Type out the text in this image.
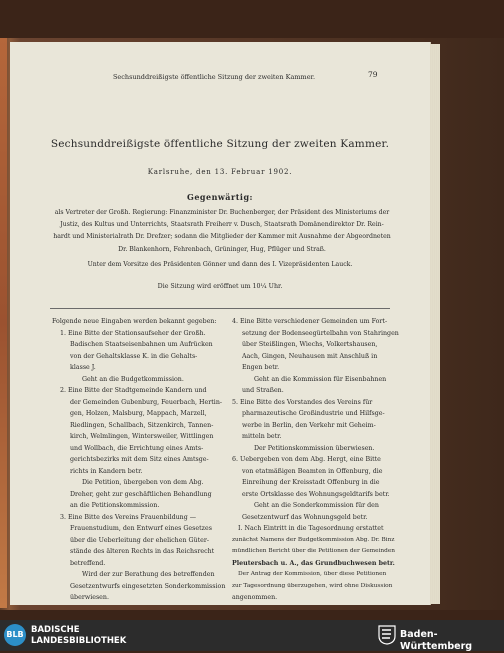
Sechsunddreißigste öffentliche Sitzung der zweiten Kammer.	79
Sechsunddreißigste öffentliche Sitzung der zweiten Kammer.
Karlsruhe, den 13. Februar 1902.
Gegenwärtig:

als Vertreter der Großh. Regierung: Finanzminister Dr. Buchenberger, der Präsident des Ministeriums der

Justiz, des Kultus und Unterrichts, Staatsrath Freiherr v. Dusch, Staatsrath Domänendirektor Dr. Rein-

hardt und Ministerialrath Dr. Drefzer; sodann die Mitglieder der Kammer mit Ausnahme der Abgeordneten

Dr. Blankenhorn, Fehrenbach, Grüninger, Hug, Pflüger und Straß.

Unter dem Vorsitze des Präsidenten Gönner und dann des I. Vizepräsidenten Lauck.
Die Sitzung wird eröffnet um 10¹⁄₄ Uhr.

Folgende neue Eingaben werden bekannt gegeben:

1. Eine Bitte der Stationsaufseher der Großh.

Badischen Staatseisenbahnen um Aufrücken

von der Gehaltsklasse K. in die Gehalts-

klasse J.

Geht an die Budgetkommission.

2. Eine Bitte der Stadtgemeinde Kandern und

der Gemeinden Gubenburg, Feuerbach, Hertin-

gen, Holzen, Malsburg, Mappach, Marzell,

Riedlingen, Schallbach, Sitzenkirch, Tannen-

kirch, Welmlingen, Wintersweiler, Wittlingen

und Wollbach, die Errichtung eines Amts-

gerichtsbezirks mit dem Sitz eines Amtsge-

richts in Kandern betr.

Die Petition, übergeben von dem Abg.

Dreher, geht zur geschäftlichen Behandlung

an die Petitionskommission.

3. Eine Bitte des Vereins Frauenbildung —

Frauenstudium, den Entwurf eines Gesetzes

über die Ueberleitung der ehelichen Güter-

stände des älteren Rechts in das Reichsrecht

betreffend.

Wird der zur Berathung des betreffenden

Gesetzentwurfs eingesetzten Sonderkommission

überwiesen.

4. Eine Bitte verschiedener Gemeinden um Fort-

setzung der Bodenseegürtelbahn von Stahringen

über Steißlingen, Wiechs, Volkertshausen,

Aach, Gingen, Neuhausen mit Anschluß in

Engen betr.

Geht an die Kommission für Eisenbahnen

und Straßen.

5. Eine Bitte des Vorstandes des Vereins für

pharmazeutische Großindustrie und Hilfsge-

werbe in Berlin, den Verkehr mit Geheim-

mitteln betr.

Der Petitionskommission überwiesen.

6. Uebergeben von dem Abg. Hergt, eine Bitte

von etatmäßigen Beamten in Offenburg, die

Einreihung der Kreisstadt Offenburg in die

erste Ortsklasse des Wohnungsgeldtarifs betr.

Geht an die Sonderkommission für den

Gesetzentwurf das Wohnungsgeld betr.

I. Nach Eintritt in die Tagesordnung erstattet

zunächst Namens der Budgetkommission Abg. Dr. Binz

mündlichen Bericht über die Petitionen der Gemeinden

Pleutersbach u. A., das Grundbuchwesen betr.

Der Antrag der Kommission, über diese Petitionen

zur Tagesordnung überzugehen, wird ohne Diskussion

angenommen.

BLB BADISCHE
LANDESBIBLIOTHEK
Baden-Württemberg
